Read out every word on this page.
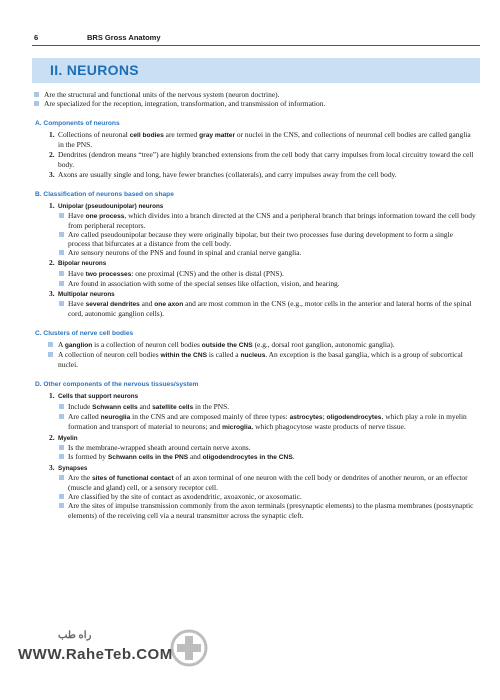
6	BRS Gross Anatomy
II. NEURONS
Are the structural and functional units of the nervous system (neuron doctrine).
Are specialized for the reception, integration, transformation, and transmission of information.
A. Components of neurons
1. Collections of neuronal cell bodies are termed gray matter or nuclei in the CNS, and collections of neuronal cell bodies are called ganglia in the PNS.
2. Dendrites (dendron means “tree”) are highly branched extensions from the cell body that carry impulses from local circuitry toward the cell body.
3. Axons are usually single and long, have fewer branches (collaterals), and carry impulses away from the cell body.
B. Classification of neurons based on shape
1. Unipolar (pseudounipolar) neurons
Have one process, which divides into a branch directed at the CNS and a peripheral branch that brings information toward the cell body from peripheral receptors.
Are called pseudounipolar because they were originally bipolar, but their two processes fuse during development to form a single process that bifurcates at a distance from the cell body.
Are sensory neurons of the PNS and found in spinal and cranial nerve ganglia.
2. Bipolar neurons
Have two processes: one proximal (CNS) and the other is distal (PNS).
Are found in association with some of the special senses like olfaction, vision, and hearing.
3. Multipolar neurons
Have several dendrites and one axon and are most common in the CNS (e.g., motor cells in the anterior and lateral horns of the spinal cord, autonomic ganglion cells).
C. Clusters of nerve cell bodies
A ganglion is a collection of neuron cell bodies outside the CNS (e.g., dorsal root ganglion, autonomic ganglia).
A collection of neuron cell bodies within the CNS is called a nucleus. An exception is the basal ganglia, which is a group of subcortical nuclei.
D. Other components of the nervous tissues/system
1. Cells that support neurons
Include Schwann cells and satellite cells in the PNS.
Are called neuroglia in the CNS and are composed mainly of three types: astrocytes; oligodendrocytes, which play a role in myelin formation and transport of material to neurons; and microglia, which phagocytose waste products of nerve tissue.
2. Myelin
Is the membrane-wrapped sheath around certain nerve axons.
Is formed by Schwann cells in the PNS and oligodendrocytes in the CNS.
3. Synapses
Are the sites of functional contact of an axon terminal of one neuron with the cell body or dendrites of another neuron, or an effector (muscle and gland) cell, or a sensory receptor cell.
Are classified by the site of contact as axodendritic, axoaxonic, or axosomatic.
Are the sites of impulse transmission commonly from the axon terminals (presynaptic elements) to the plasma membranes (postsynaptic elements) of the receiving cell via a neural transmitter across the synaptic cleft.
راه طب
WWW.RaheTeb.COM
